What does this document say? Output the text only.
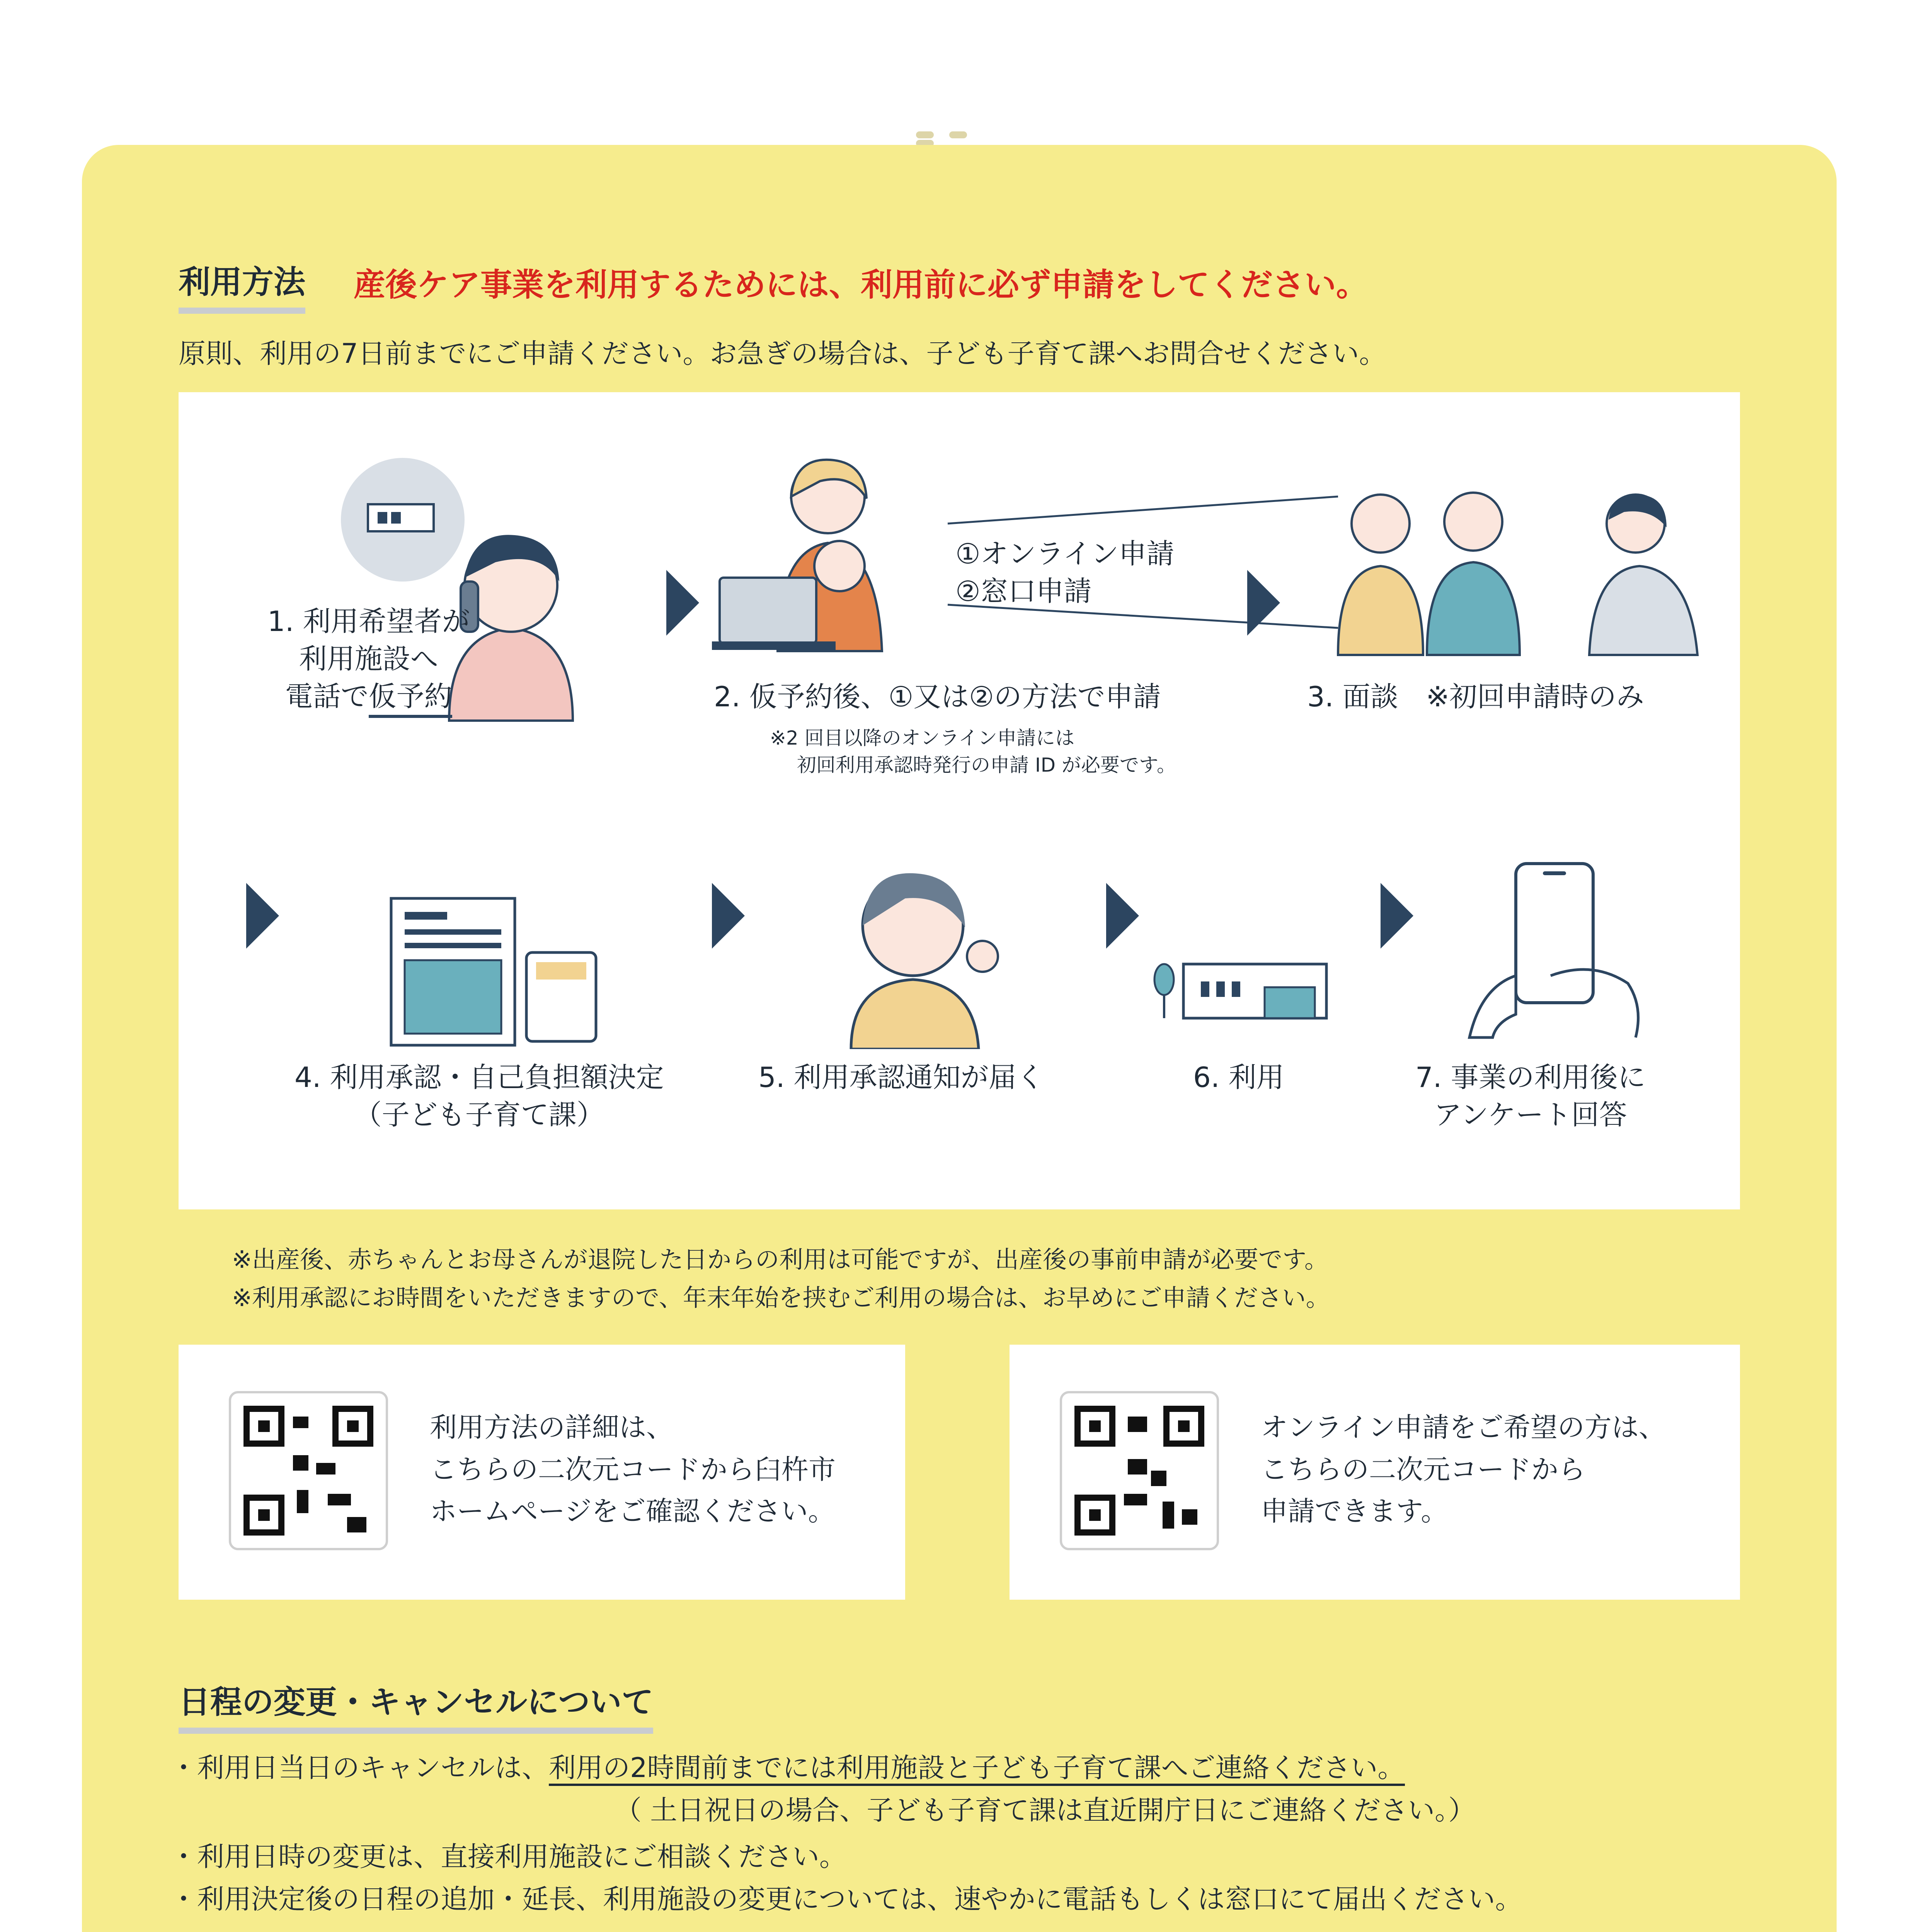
利用方法 産後ケア事業を利用するためには、利用前に必ず申請をしてください。
原則、利用の7日前までにご申請ください。お急ぎの場合は、子ども子育て課へお問合せください。
1. 利用希望者が
利用施設へ
電話で仮予約
①オンライン申請
②窓口申請
2. 仮予約後、①又は②の方法で申請
※2 回目以降のオンライン申請には
初回利用承認時発行の申請 ID が必要です。
3. 面談　※初回申請時のみ
4. 利用承認・自己負担額決定
（子ども子育て課）
5. 利用承認通知が届く	6. 利用	7. 事業の利用後に
アンケート回答
※出産後、赤ちゃんとお母さんが退院した日からの利用は可能ですが、出産後の事前申請が必要です。
※利用承認にお時間をいただきますので、年末年始を挟むご利用の場合は、お早めにご申請ください。
利用方法の詳細は、
こちらの二次元コードから臼杵市
ホームページをご確認ください。
オンライン申請をご希望の方は、
こちらの二次元コードから
申請できます。
日程の変更・キャンセルについて
・利用日当日のキャンセルは、利用の2時間前までには利用施設と子ども子育て課へご連絡ください。
（ 土日祝日の場合、子ども子育て課は直近開庁日にご連絡ください。）
・利用日時の変更は、直接利用施設にご相談ください。
・利用決定後の日程の追加・延長、利用施設の変更については、速やかに電話もしくは窓口にて届出ください。
